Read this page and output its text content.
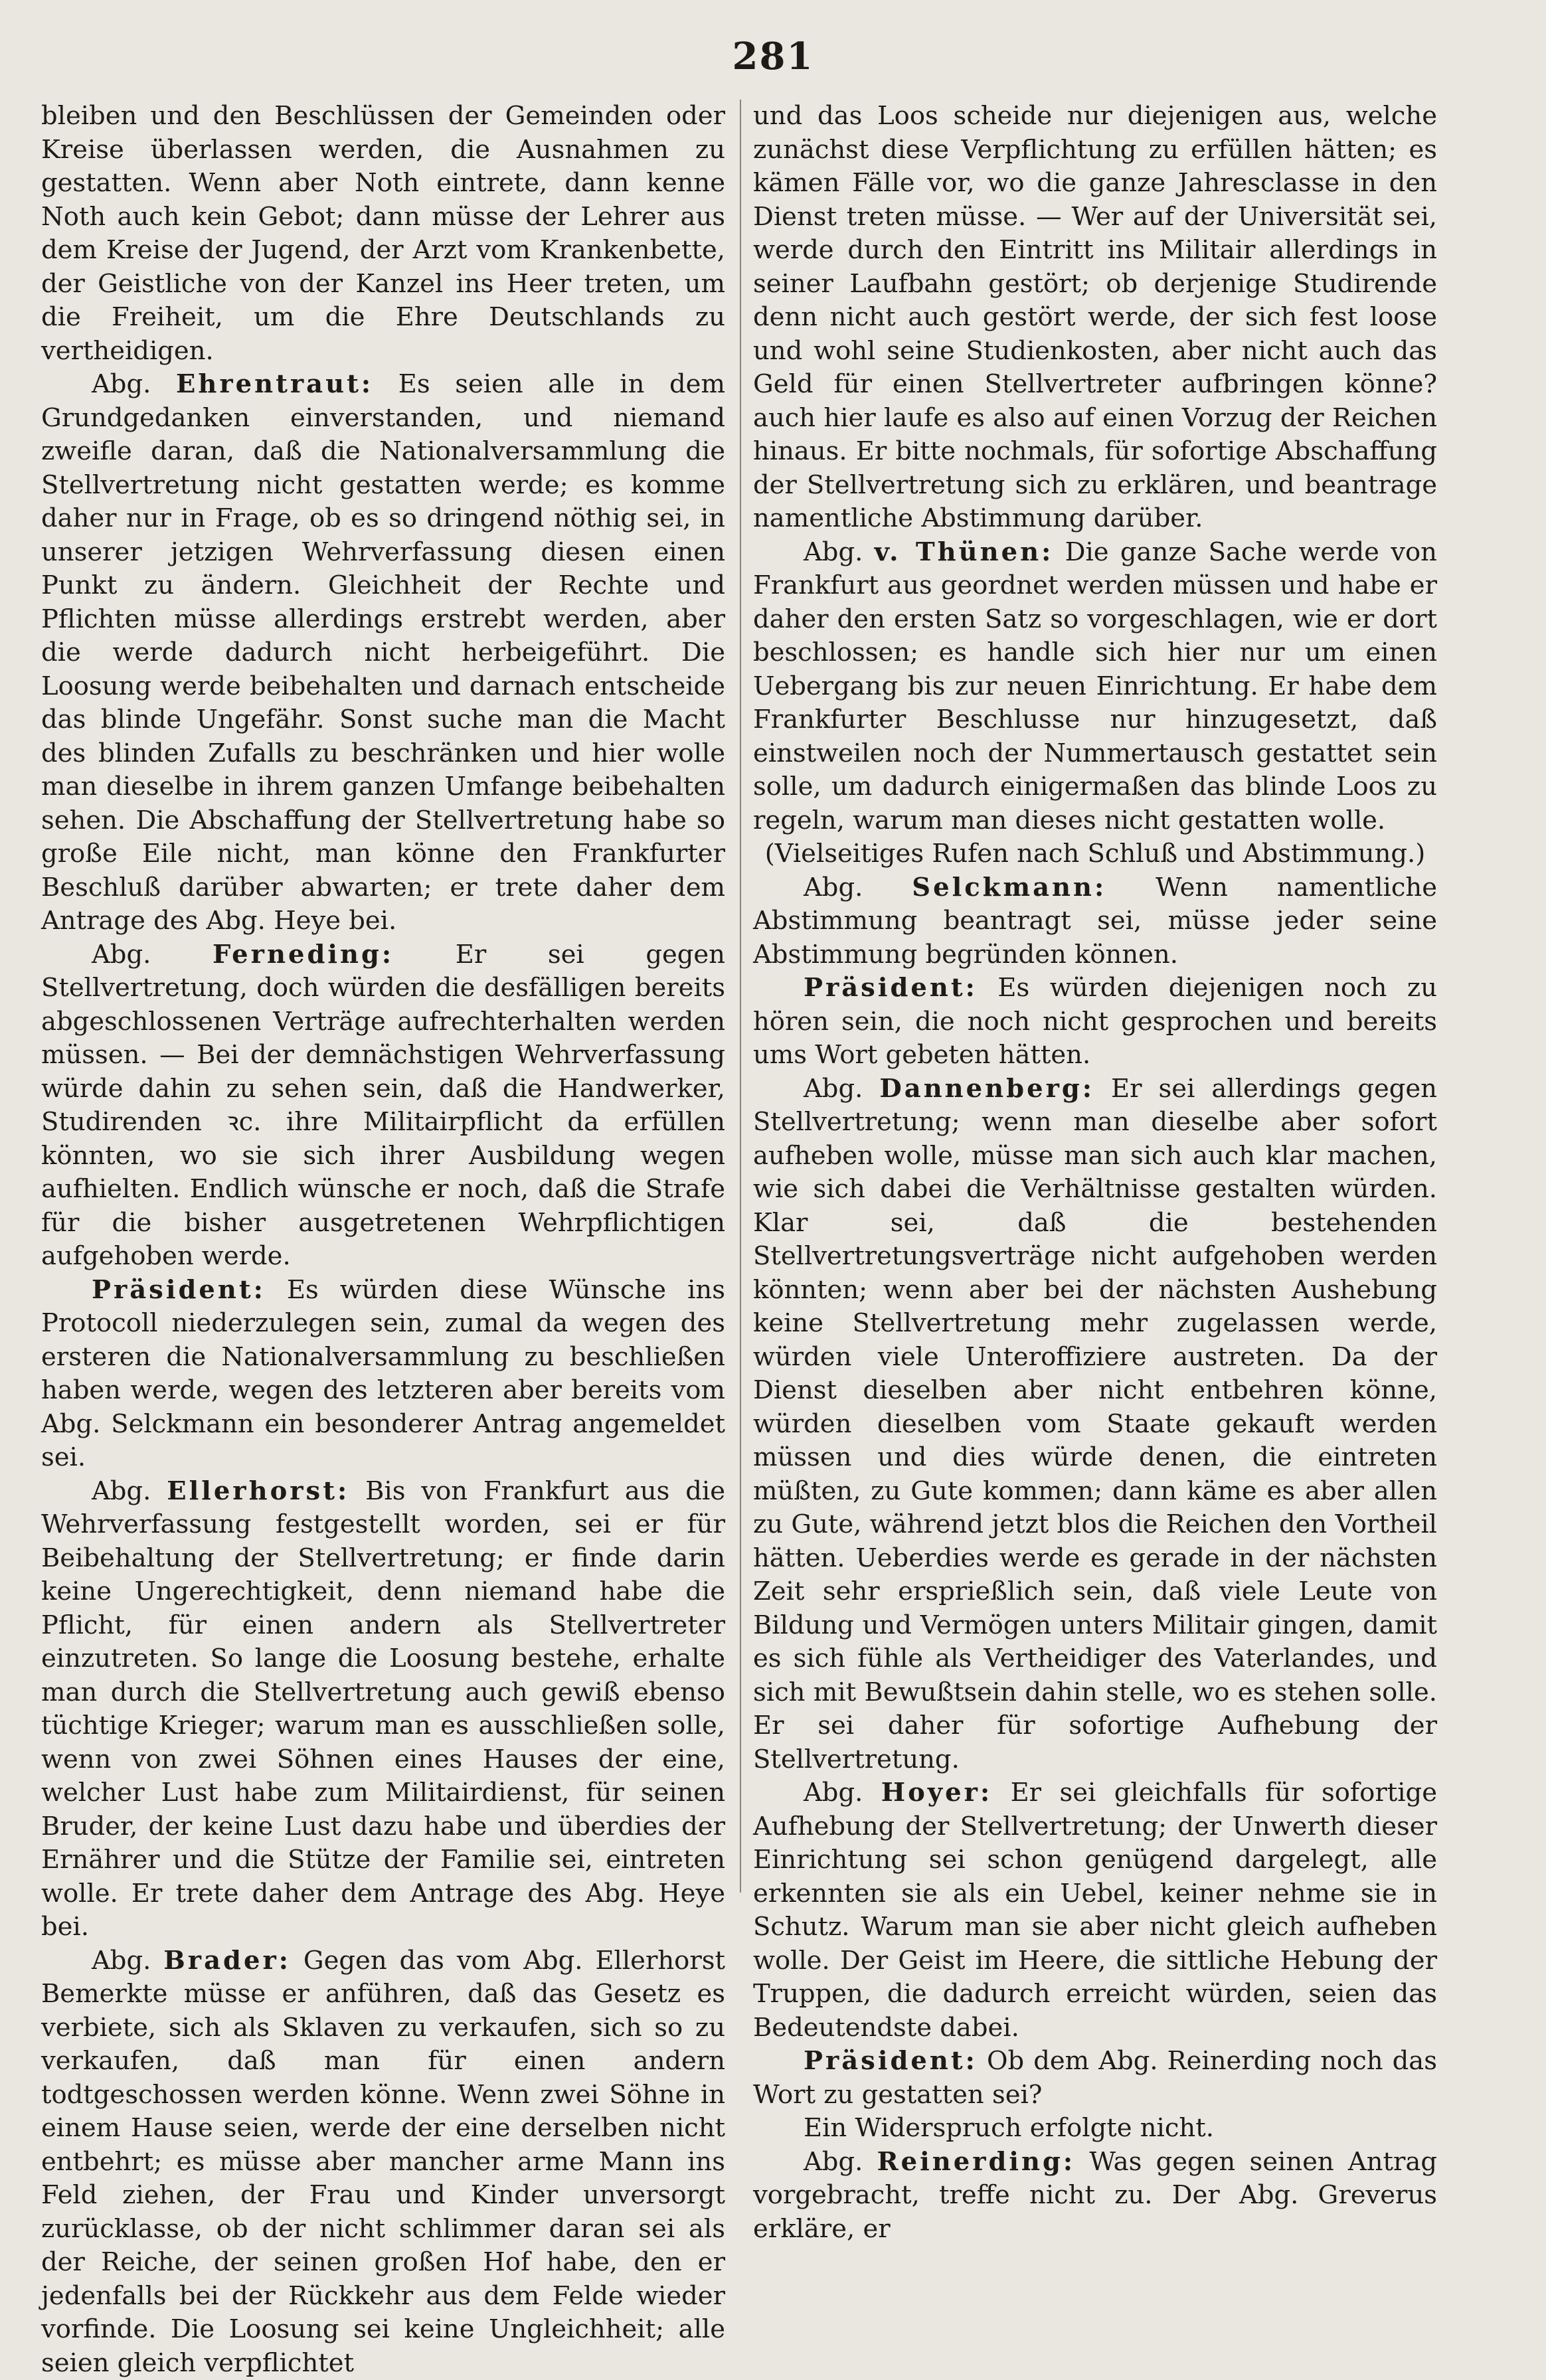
281

bleiben und den Beschlüssen der Gemeinden oder Kreise überlassen werden, die Ausnahmen zu gestatten. Wenn aber Noth eintrete, dann kenne Noth auch kein Gebot; dann müsse der Lehrer aus dem Kreise der Jugend, der Arzt vom Krankenbette, der Geistliche von der Kanzel ins Heer treten, um die Freiheit, um die Ehre Deutschlands zu vertheidigen.

Abg. Ehrentraut: Es seien alle in dem Grundgedanken einverstanden, und niemand zweifle daran, daß die Nationalversammlung die Stellvertretung nicht gestatten werde; es komme daher nur in Frage, ob es so dringend nöthig sei, in unserer jetzigen Wehrverfassung diesen einen Punkt zu ändern. Gleichheit der Rechte und Pflichten müsse allerdings erstrebt werden, aber die werde dadurch nicht herbeigeführt. Die Loosung werde beibehalten und darnach entscheide das blinde Ungefähr. Sonst suche man die Macht des blinden Zufalls zu beschränken und hier wolle man dieselbe in ihrem ganzen Umfange beibehalten sehen. Die Abschaffung der Stellvertretung habe so große Eile nicht, man könne den Frankfurter Beschluß darüber abwarten; er trete daher dem Antrage des Abg. Heye bei.

Abg. Ferneding: Er sei gegen Stellvertretung, doch würden die desfälligen bereits abgeschlossenen Verträge aufrechterhalten werden müssen. — Bei der demnächstigen Wehrverfassung würde dahin zu sehen sein, daß die Handwerker, Studirenden ꝛc. ihre Militairpflicht da erfüllen könnten, wo sie sich ihrer Ausbildung wegen aufhielten. Endlich wünsche er noch, daß die Strafe für die bisher ausgetretenen Wehrpflichtigen aufgehoben werde.

Präsident: Es würden diese Wünsche ins Protocoll niederzulegen sein, zumal da wegen des ersteren die Nationalversammlung zu beschließen haben werde, wegen des letzteren aber bereits vom Abg. Selckmann ein besonderer Antrag angemeldet sei.

Abg. Ellerhorst: Bis von Frankfurt aus die Wehrverfassung festgestellt worden, sei er für Beibehaltung der Stellvertretung; er finde darin keine Ungerechtigkeit, denn niemand habe die Pflicht, für einen andern als Stellvertreter einzutreten. So lange die Loosung bestehe, erhalte man durch die Stellvertretung auch gewiß ebenso tüchtige Krieger; warum man es ausschließen solle, wenn von zwei Söhnen eines Hauses der eine, welcher Lust habe zum Militairdienst, für seinen Bruder, der keine Lust dazu habe und überdies der Ernährer und die Stütze der Familie sei, eintreten wolle. Er trete daher dem Antrage des Abg. Heye bei.

Abg. Brader: Gegen das vom Abg. Ellerhorst Bemerkte müsse er anführen, daß das Gesetz es verbiete, sich als Sklaven zu verkaufen, sich so zu verkaufen, daß man für einen andern todtgeschossen werden könne. Wenn zwei Söhne in einem Hause seien, werde der eine derselben nicht entbehrt; es müsse aber mancher arme Mann ins Feld ziehen, der Frau und Kinder unversorgt zurücklasse, ob der nicht schlimmer daran sei als der Reiche, der seinen großen Hof habe, den er jedenfalls bei der Rückkehr aus dem Felde wieder vorfinde. Die Loosung sei keine Ungleichheit; alle seien gleich verpflichtet

und das Loos scheide nur diejenigen aus, welche zunächst diese Verpflichtung zu erfüllen hätten; es kämen Fälle vor, wo die ganze Jahresclasse in den Dienst treten müsse. — Wer auf der Universität sei, werde durch den Eintritt ins Militair allerdings in seiner Laufbahn gestört; ob derjenige Studirende denn nicht auch gestört werde, der sich fest loose und wohl seine Studienkosten, aber nicht auch das Geld für einen Stellvertreter aufbringen könne? auch hier laufe es also auf einen Vorzug der Reichen hinaus. Er bitte nochmals, für sofortige Abschaffung der Stellvertretung sich zu erklären, und beantrage namentliche Abstimmung darüber.

Abg. v. Thünen: Die ganze Sache werde von Frankfurt aus geordnet werden müssen und habe er daher den ersten Satz so vorgeschlagen, wie er dort beschlossen; es handle sich hier nur um einen Uebergang bis zur neuen Einrichtung. Er habe dem Frankfurter Beschlusse nur hinzugesetzt, daß einstweilen noch der Nummertausch gestattet sein solle, um dadurch einigermaßen das blinde Loos zu regeln, warum man dieses nicht gestatten wolle.

(Vielseitiges Rufen nach Schluß und Abstimmung.)

Abg. Selckmann: Wenn namentliche Abstimmung beantragt sei, müsse jeder seine Abstimmung begründen können.

Präsident: Es würden diejenigen noch zu hören sein, die noch nicht gesprochen und bereits ums Wort gebeten hätten.

Abg. Dannenberg: Er sei allerdings gegen Stellvertretung; wenn man dieselbe aber sofort aufheben wolle, müsse man sich auch klar machen, wie sich dabei die Verhältnisse gestalten würden. Klar sei, daß die bestehenden Stellvertretungsverträge nicht aufgehoben werden könnten; wenn aber bei der nächsten Aushebung keine Stellvertretung mehr zugelassen werde, würden viele Unteroffiziere austreten. Da der Dienst dieselben aber nicht entbehren könne, würden dieselben vom Staate gekauft werden müssen und dies würde denen, die eintreten müßten, zu Gute kommen; dann käme es aber allen zu Gute, während jetzt blos die Reichen den Vortheil hätten. Ueberdies werde es gerade in der nächsten Zeit sehr ersprießlich sein, daß viele Leute von Bildung und Vermögen unters Militair gingen, damit es sich fühle als Vertheidiger des Vaterlandes, und sich mit Bewußtsein dahin stelle, wo es stehen solle. Er sei daher für sofortige Aufhebung der Stellvertretung.

Abg. Hoyer: Er sei gleichfalls für sofortige Aufhebung der Stellvertretung; der Unwerth dieser Einrichtung sei schon genügend dargelegt, alle erkennten sie als ein Uebel, keiner nehme sie in Schutz. Warum man sie aber nicht gleich aufheben wolle. Der Geist im Heere, die sittliche Hebung der Truppen, die dadurch erreicht würden, seien das Bedeutendste dabei.

Präsident: Ob dem Abg. Reinerding noch das Wort zu gestatten sei?

Ein Widerspruch erfolgte nicht.

Abg. Reinerding: Was gegen seinen Antrag vorgebracht, treffe nicht zu. Der Abg. Greverus erkläre, er
